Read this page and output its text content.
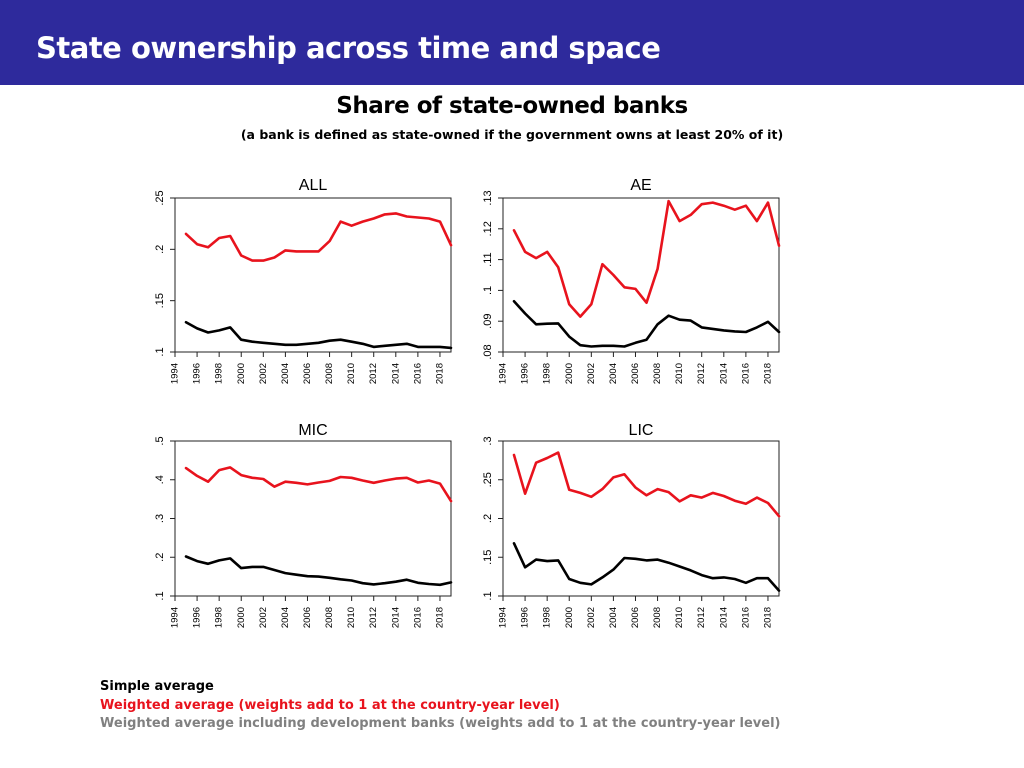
State ownership across time and space
Share of state-owned banks
(a bank is defined as state-owned if the government owns at least 20% of it)
ALL
.1
.15
.2
.25
1994 1996 1998 2000 2002 2004 2006 2008 2010 2012 2014 2016 2018
AE
.08
.09
.1
.11
.12
.13
1994 1996 1998 2000 2002 2004 2006 2008 2010 2012 2014 2016 2018
MIC
.1
.2
.3
.4
.5
1994 1996 1998 2000 2002 2004 2006 2008 2010 2012 2014 2016 2018
LIC
.1
.15
.2
.25
.3
1994 1996 1998 2000 2002 2004 2006 2008 2010 2012 2014 2016 2018
Simple average
Weighted average (weights add to 1 at the country-year level)
Weighted average including development banks (weights add to 1 at the country-year level)
